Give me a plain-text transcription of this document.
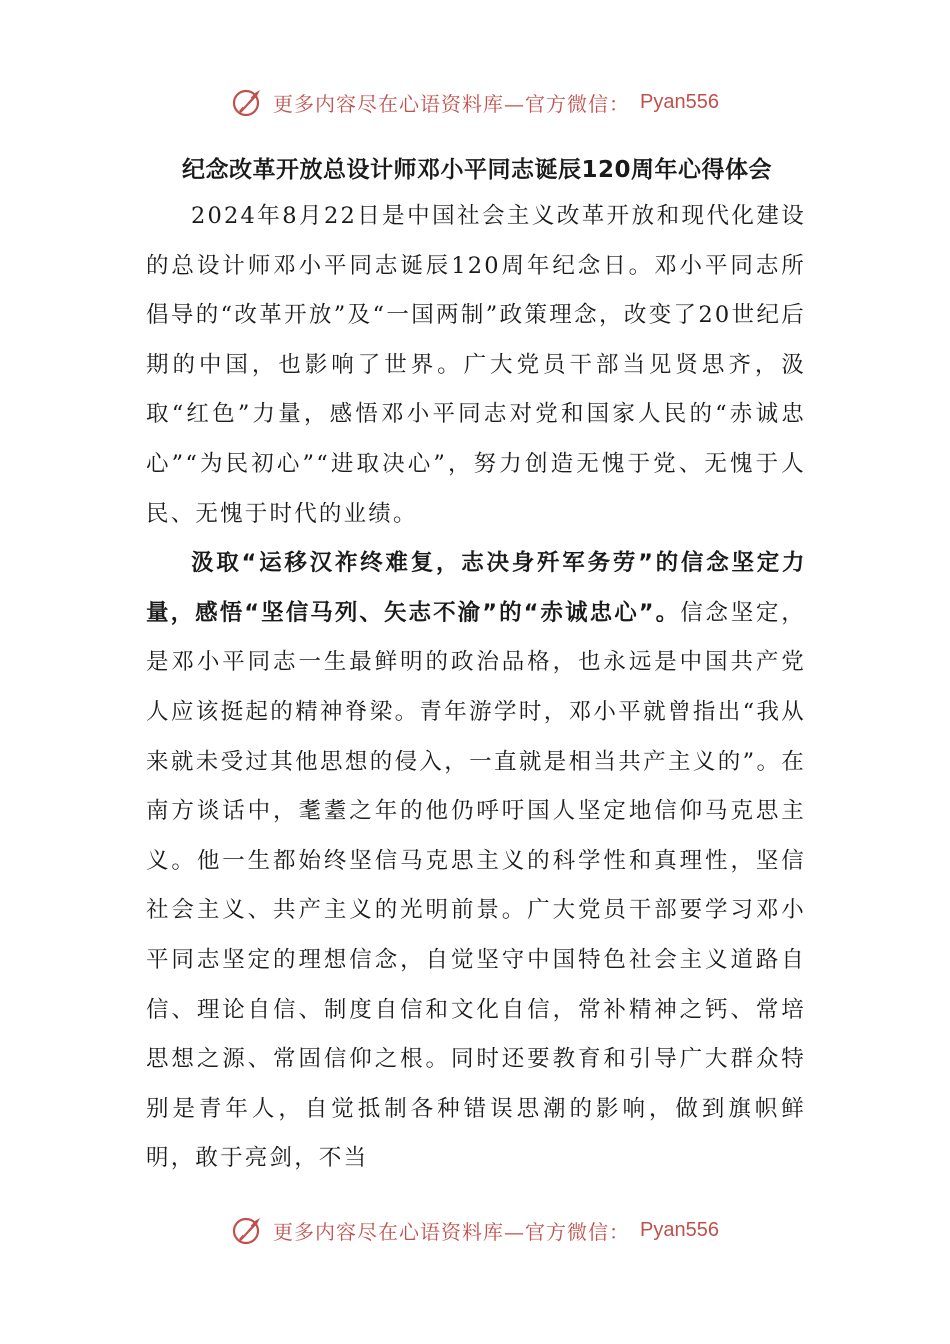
更多内容尽在心语资料库—官方微信： Pyan556
纪念改革开放总设计师邓小平同志诞辰120周年心得体会

2024年8月22日是中国社会主义改革开放和现代化建设的总设计师邓小平同志诞辰120周年纪念日。邓小平同志所倡导的“改革开放”及“一国两制”政策理念，改变了20世纪后期的中国，也影响了世界。广大党员干部当见贤思齐，汲取“红色”力量，感悟邓小平同志对党和国家人民的“赤诚忠心”“为民初心”“进取决心”，努力创造无愧于党、无愧于人民、无愧于时代的业绩。

汲取“运移汉祚终难复，志决身歼军务劳”的信念坚定力量，感悟“坚信马列、矢志不渝”的“赤诚忠心”。信念坚定，是邓小平同志一生最鲜明的政治品格，也永远是中国共产党人应该挺起的精神脊梁。青年游学时，邓小平就曾指出“我从来就未受过其他思想的侵入，一直就是相当共产主义的”。在南方谈话中，耄耋之年的他仍呼吁国人坚定地信仰马克思主义。他一生都始终坚信马克思主义的科学性和真理性，坚信社会主义、共产主义的光明前景。广大党员干部要学习邓小平同志坚定的理想信念，自觉坚守中国特色社会主义道路自信、理论自信、制度自信和文化自信，常补精神之钙、常培思想之源、常固信仰之根。同时还要教育和引导广大群众特别是青年人，自觉抵制各种错误思潮的影响，做到旗帜鲜明，敢于亮剑，不当

更多内容尽在心语资料库—官方微信： Pyan556
